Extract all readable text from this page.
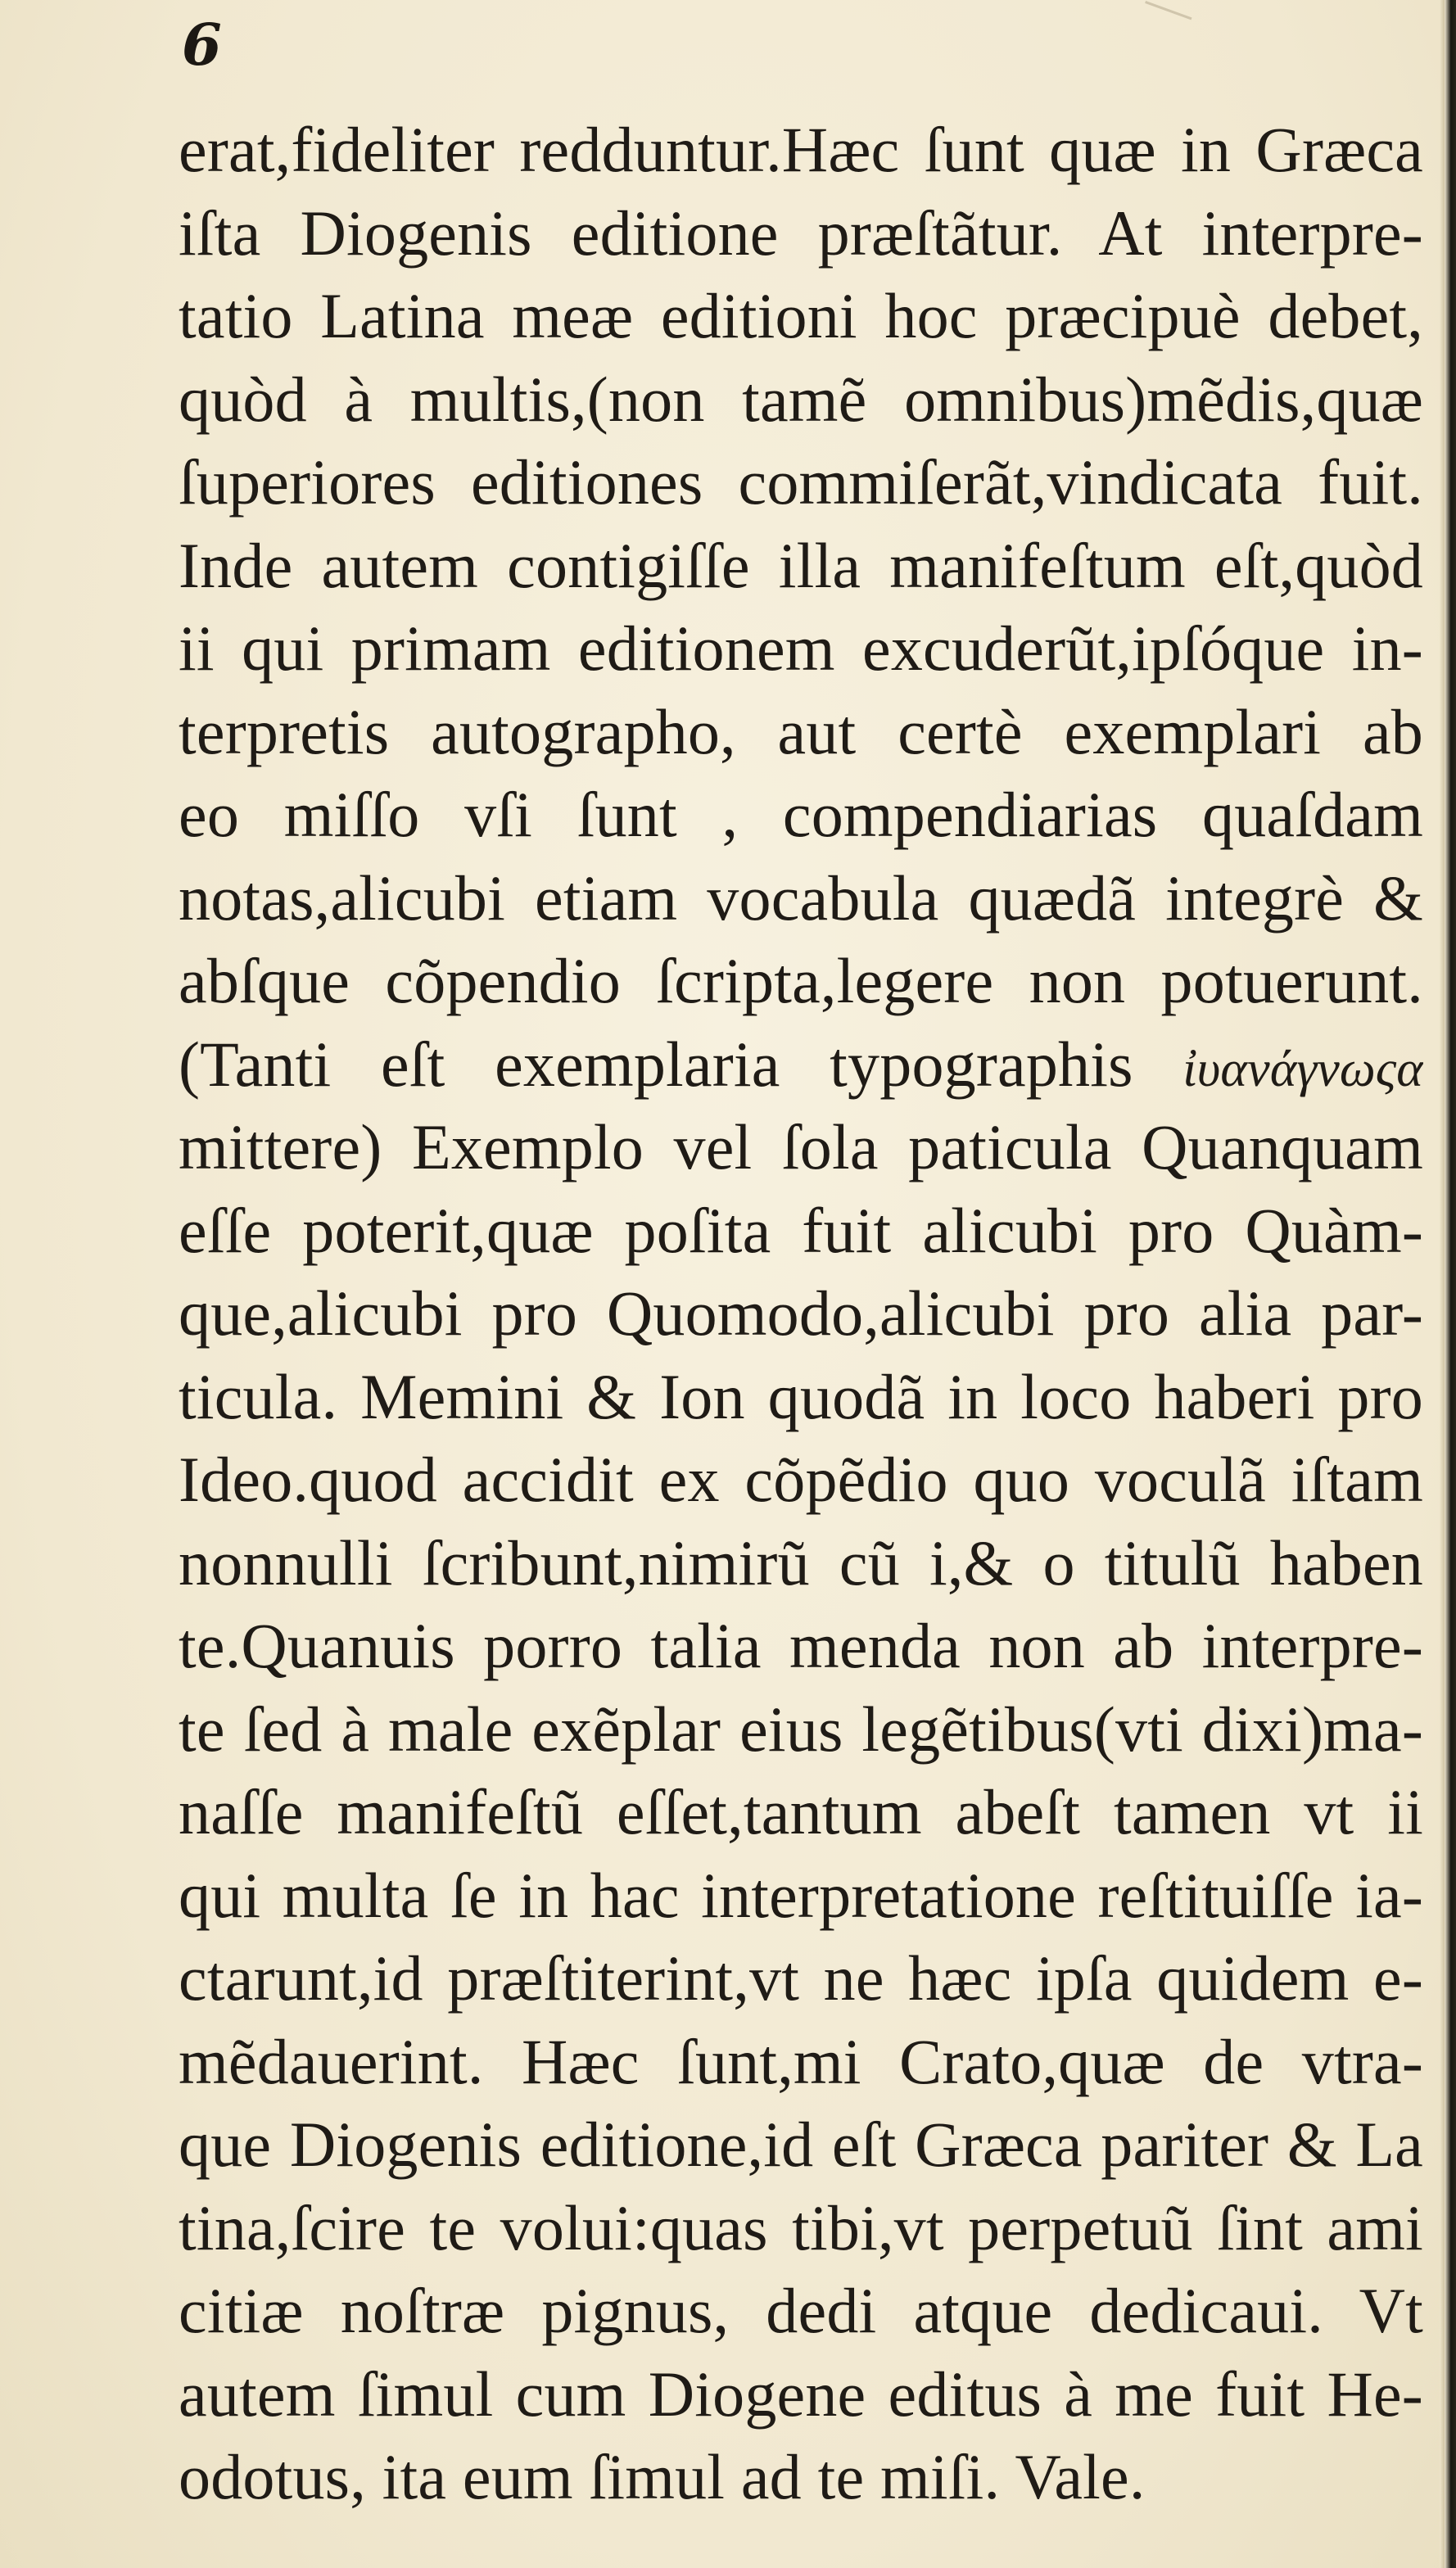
6
erat,fideliter redduntur.Hæc ſunt quæ in Græca
iſta Diogenis editione præſtãtur. At interpre-
tatio Latina meæ editioni hoc præcipuè debet,
quòd à multis,(non tamẽ omnibus)mẽdis,quæ
ſuperiores editiones commiſerãt,vindicata fuit.
Inde autem contigiſſe illa manifeſtum eſt,quòd
ii qui primam editionem excuderũt,ipſóque in-
terpretis autographo, aut certè exemplari ab
eo miſſo vſi ſunt , compendiarias quaſdam
notas,alicubi etiam vocabula quædã integrè &
abſque cõpendio ſcripta,legere non potuerunt.
(Tanti eſt exemplaria typographis ἰυανάγνωςα
mittere) Exemplo vel ſola paticula Quanquam
eſſe poterit,quæ poſita fuit alicubi pro Quàm-
que,alicubi pro Quomodo,alicubi pro alia par-
ticula. Memini & Ion quodã in loco haberi pro
Ideo.quod accidit ex cõpẽdio quo voculã iſtam
nonnulli ſcribunt,nimirũ cũ i,& o titulũ haben
te.Quanuis porro talia menda non ab interpre-
te ſed à male exẽplar eius legẽtibus(vti dixi)ma-
naſſe manifeſtũ eſſet,tantum abeſt tamen vt ii
qui multa ſe in hac interpretatione reſtituiſſe ia-
ctarunt,id præſtiterint,vt ne hæc ipſa quidem e-
mẽdauerint. Hæc ſunt,mi Crato,quæ de vtra-
que Diogenis editione,id eſt Græca pariter & La
tina,ſcire te volui:quas tibi,vt perpetuũ ſint ami
citiæ noſtræ pignus, dedi atque dedicaui. Vt
autem ſimul cum Diogene editus à me fuit He-
odotus, ita eum ſimul ad te miſi. Vale.
